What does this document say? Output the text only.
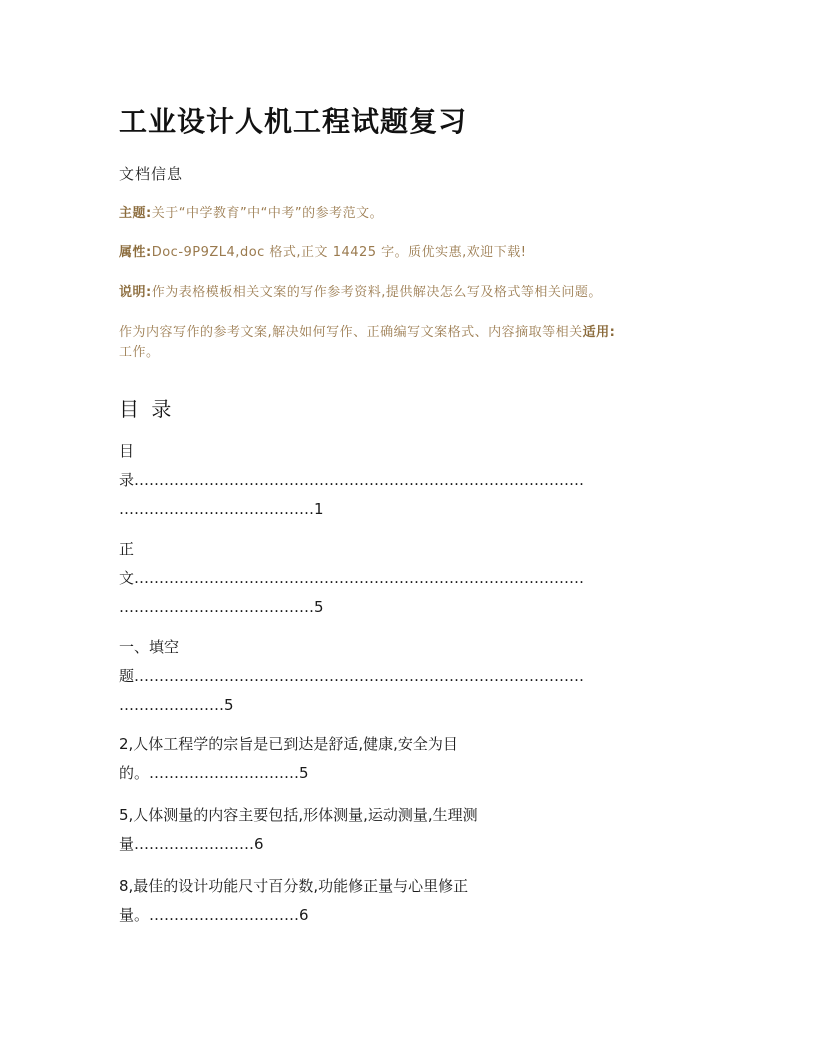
工业设计人机工程试题复习
文档信息
主题:关于“中学教育”中“中考”的参考范文。
属性:Doc-9P9ZL4,doc 格式,正文 14425 字。质优实惠,欢迎下载!
说明:作为表格模板相关文案的写作参考资料,提供解决怎么写及格式等相关问题。
作为内容写作的参考文案,解决如何写作、正确编写文案格式、内容摘取等相关适用:
工作。
目 录
目
录………………………………………………………………………………
…………………………………1
正
文………………………………………………………………………………
…………………………………5
一、填空
题………………………………………………………………………………
…………………5
2,人体工程学的宗旨是已到达是舒适,健康,安全为目
的。…………………………5
5,人体测量的内容主要包括,形体测量,运动测量,生理测
量……………………6
8,最佳的设计功能尺寸百分数,功能修正量与心里修正
量。…………………………6
